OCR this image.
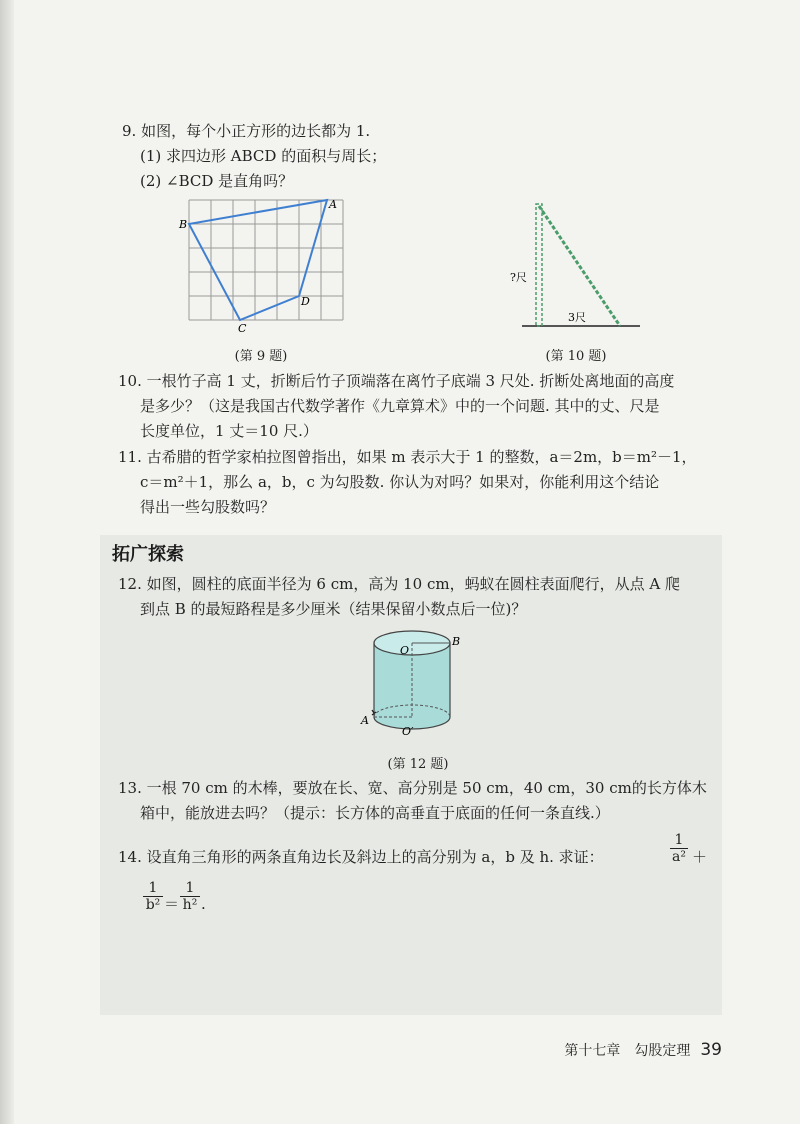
9. 如图，每个小正方形的边长都为 1.
(1) 求四边形 ABCD 的面积与周长；
(2) ∠BCD 是直角吗？
A
B
C
D
(第 9 题)
?尺
3尺
(第 10 题)
10. 一根竹子高 1 丈，折断后竹子顶端落在离竹子底端 3 尺处. 折断处离地面的高度
是多少？（这是我国古代数学著作《九章算术》中的一个问题. 其中的丈、尺是
长度单位，1 丈＝10 尺.）
11. 古希腊的哲学家柏拉图曾指出，如果 m 表示大于 1 的整数，a＝2m，b＝m²－1，
c＝m²＋1，那么 a，b，c 为勾股数. 你认为对吗？如果对，你能利用这个结论
得出一些勾股数吗？
拓广探索
12. 如图，圆柱的底面半径为 6 cm，高为 10 cm，蚂蚁在圆柱表面爬行，从点 A 爬
到点 B 的最短路程是多少厘米（结果保留小数点后一位)？
O
O′
A
B
(第 12 题)
13. 一根 70 cm 的木棒，要放在长、宽、高分别是 50 cm，40 cm，30 cm的长方体木
箱中，能放进去吗？（提示：长方体的高垂直于底面的任何一条直线.）
14. 设直角三角形的两条直角边长及斜边上的高分别为 a，b 及 h. 求证：	$\frac{1}{\text{a²}}$ ＋
$\frac{1}{\text{b²}} = \frac{1}{\text{h²}}$ .
第十七章　勾股定理 39
